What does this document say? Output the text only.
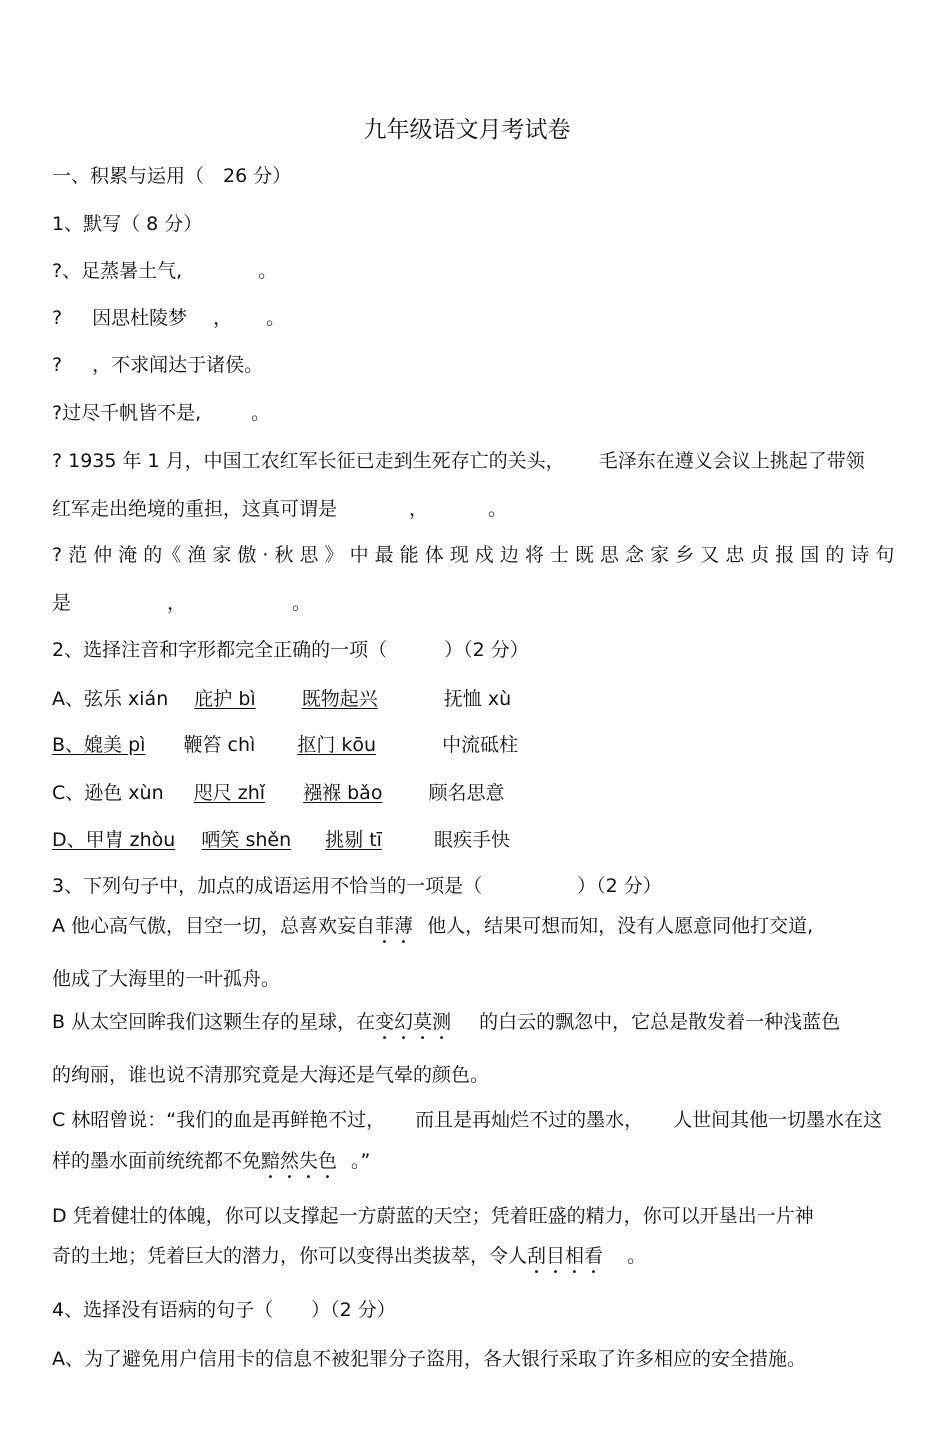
九年级语文月考试卷
一、积累与运用（　26 分）
1、默写（ 8 分）
?、足蒸暑土气,	。
? 因思杜陵梦 ， 。
? ，不求闻达于诸侯。
?过尽千帆皆不是,	。
? 1935 年 1 月，中国工农红军长征已走到生死存亡的关头， 毛泽东在遵义会议上挑起了带领
红军走出绝境的重担，这真可谓是	，	。
? 范 仲 淹 的《 渔 家 傲 · 秋 思 》 中 最 能 体 现 戍 边 将 士 既 思 念 家 乡 又 忠 贞 报 国 的 诗 句
是	，	。
2、选择注音和字形都完全正确的一项（　　　）（2 分）
A、弦乐 xián 庇护 bì 既物起兴	抚恤 xù
B、媲美 pì 鞭笞 chì 抠门 kōu	中流砥柱
C、逊色 xùn 咫尺 zhǐ 襁褓 bǎo 顾名思意
D、甲胄 zhòu 哂笑 shěn 挑剔 tī	眼疾手快
3、下列句子中，加点的成语运用不恰当的一项是（　　　　　）（2 分）
A 他心高气傲，目空一切，总喜欢妄自菲薄 他人，结果可想而知，没有人愿意同他打交道,
他成了大海里的一叶孤舟。
B 从太空回眸我们这颗生存的星球，在变幻莫测 的白云的飘忽中，它总是散发着一种浅蓝色
的绚丽，谁也说不清那究竟是大海还是气晕的颜色。
C 林昭曾说：“我们的血是再鲜艳不过， 而且是再灿烂不过的墨水， 人世间其他一切墨水在这
样的墨水面前统统都不免黯然失色 。”
D 凭着健壮的体魄，你可以支撑起一方蔚蓝的天空；凭着旺盛的精力，你可以开垦出一片神
奇的土地；凭着巨大的潜力，你可以变得出类拔萃，令人刮目相看 。
4、选择没有语病的句子（　　）（2 分）
A、为了避免用户信用卡的信息不被犯罪分子盗用，各大银行采取了许多相应的安全措施。
